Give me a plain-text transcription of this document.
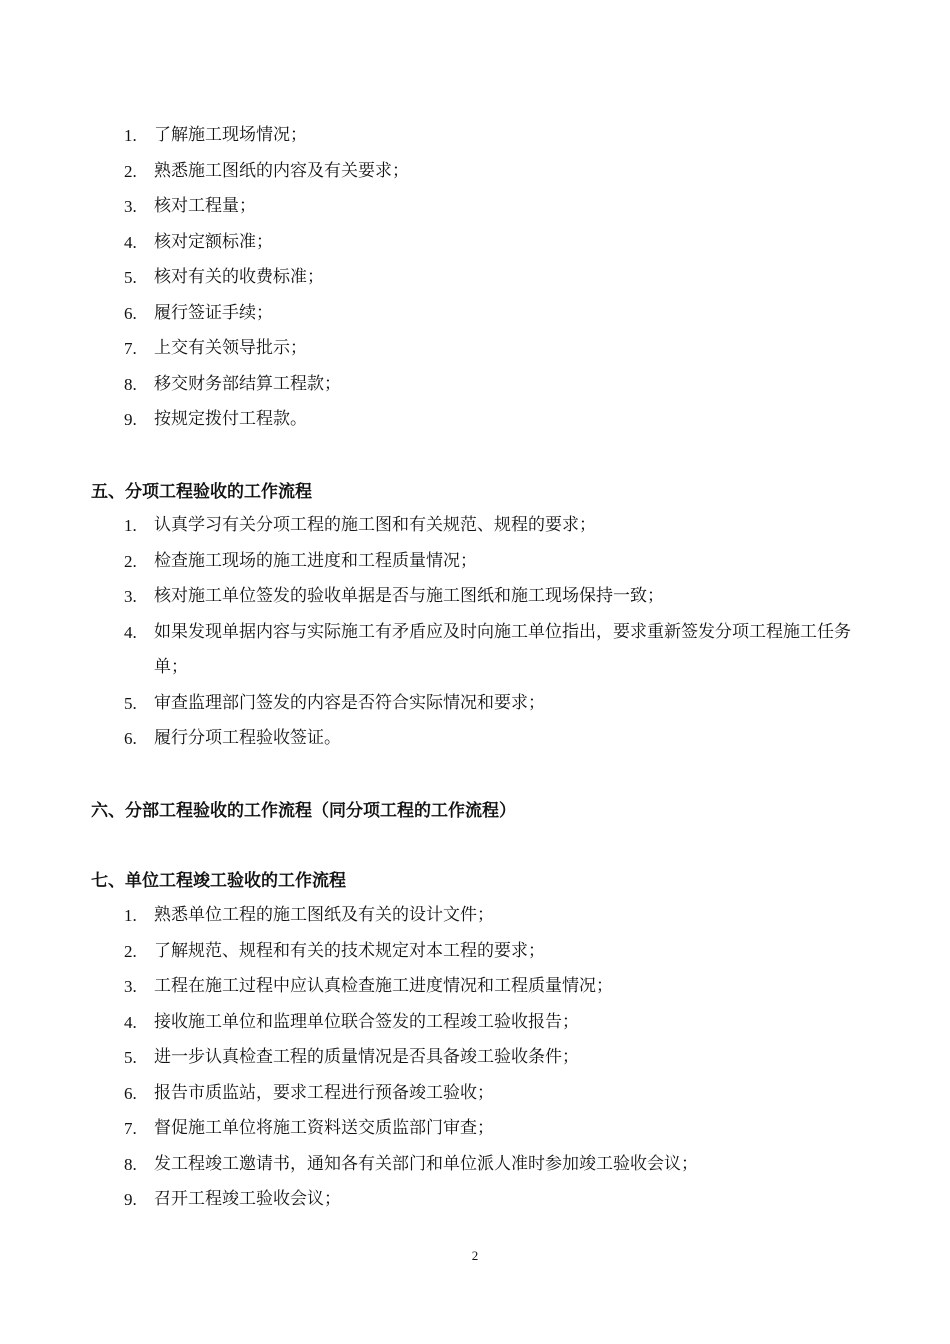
1. 了解施工现场情况；
2. 熟悉施工图纸的内容及有关要求；
3. 核对工程量；
4. 核对定额标准；
5. 核对有关的收费标准；
6. 履行签证手续；
7. 上交有关领导批示；
8. 移交财务部结算工程款；
9. 按规定拨付工程款。
五、分项工程验收的工作流程
1. 认真学习有关分项工程的施工图和有关规范、规程的要求；
2. 检查施工现场的施工进度和工程质量情况；
3. 核对施工单位签发的验收单据是否与施工图纸和施工现场保持一致；
4. 如果发现单据内容与实际施工有矛盾应及时向施工单位指出，要求重新签发分项工程施工任务单；
5. 审查监理部门签发的内容是否符合实际情况和要求；
6. 履行分项工程验收签证。
六、分部工程验收的工作流程（同分项工程的工作流程）
七、单位工程竣工验收的工作流程
1. 熟悉单位工程的施工图纸及有关的设计文件；
2. 了解规范、规程和有关的技术规定对本工程的要求；
3. 工程在施工过程中应认真检查施工进度情况和工程质量情况；
4. 接收施工单位和监理单位联合签发的工程竣工验收报告；
5. 进一步认真检查工程的质量情况是否具备竣工验收条件；
6. 报告市质监站，要求工程进行预备竣工验收；
7. 督促施工单位将施工资料送交质监部门审查；
8. 发工程竣工邀请书，通知各有关部门和单位派人准时参加竣工验收会议；
9. 召开工程竣工验收会议；
2
